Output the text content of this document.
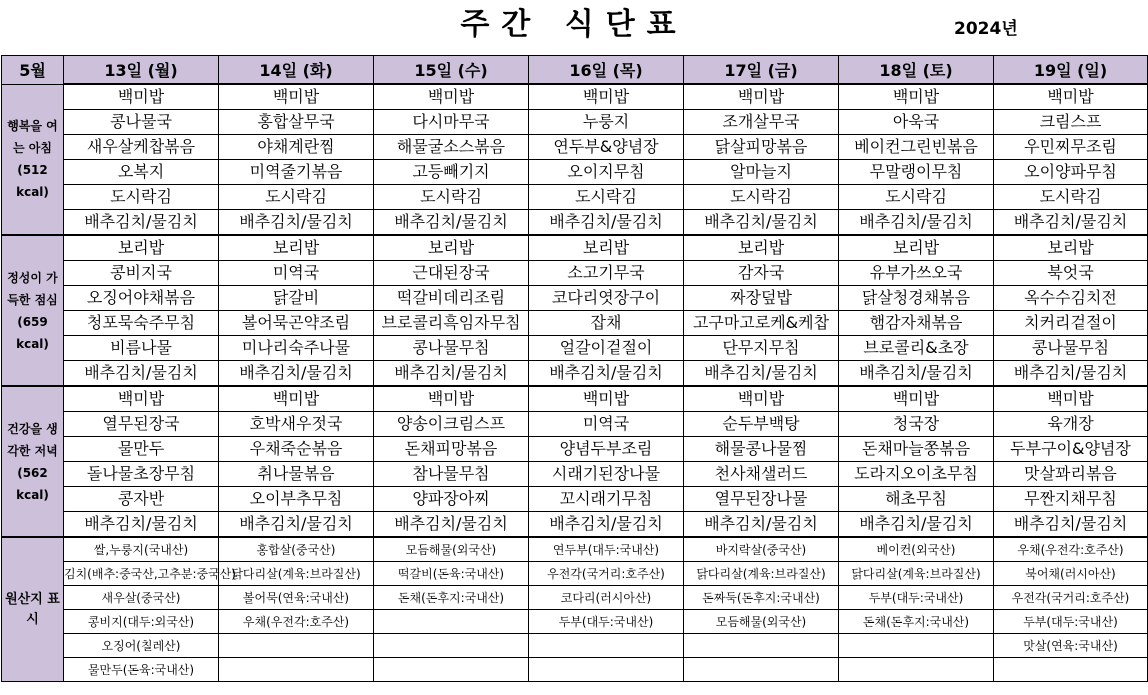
주간 식단표	2024년
5월	13일 (월)	14일 (화)	15일 (수)	16일 (목)	17일 (금)	18일 (토)	19일 (일)
행복을 여는 아침 (512 kcal)	백미밥	백미밥	백미밥	백미밥	백미밥	백미밥	백미밥
	콩나물국	홍합살무국	다시마무국	누룽지	조개살무국	아욱국	크림스프
	새우살케찹볶음	야채계란찜	해물굴소스볶음	연두부&양념장	닭살피망볶음	베이컨그린빈볶음	우민찌무조림
	오복지	미역줄기볶음	고등빼기지	오이지무침	알마늘지	무말랭이무침	오이양파무침
	도시락김	도시락김	도시락김	도시락김	도시락김	도시락김	도시락김
	배추김치/물김치	배추김치/물김치	배추김치/물김치	배추김치/물김치	배추김치/물김치	배추김치/물김치	배추김치/물김치
정성이 가득한 점심 (659 kcal)	보리밥	보리밥	보리밥	보리밥	보리밥	보리밥	보리밥
	콩비지국	미역국	근대된장국	소고기무국	감자국	유부가쓰오국	북엇국
	오징어야채볶음	닭갈비	떡갈비데리조림	코다리엿장구이	짜장덮밥	닭살청경채볶음	옥수수김치전
	청포묵숙주무침	볼어묵곤약조림	브로콜리흑임자무침	잡채	고구마고로케&케찹	햄감자채볶음	치커리겉절이
	비름나물	미나리숙주나물	콩나물무침	얼갈이겉절이	단무지무침	브로콜리&초장	콩나물무침
	배추김치/물김치	배추김치/물김치	배추김치/물김치	배추김치/물김치	배추김치/물김치	배추김치/물김치	배추김치/물김치
건강을 생각한 저녁 (562 kcal)	백미밥	백미밥	백미밥	백미밥	백미밥	백미밥	백미밥
	열무된장국	호박새우젓국	양송이크림스프	미역국	순두부백탕	청국장	육개장
	물만두	우채죽순볶음	돈채피망볶음	양념두부조림	해물콩나물찜	돈채마늘쫑볶음	두부구이&양념장
	돌나물초장무침	취나물볶음	참나물무침	시래기된장나물	천사채샐러드	도라지오이초무침	맛살꽈리볶음
	콩자반	오이부추무침	양파장아찌	꼬시래기무침	열무된장나물	해초무침	무짠지채무침
	배추김치/물김치	배추김치/물김치	배추김치/물김치	배추김치/물김치	배추김치/물김치	배추김치/물김치	배추김치/물김치
원산지 표시	쌀,누룽지(국내산)	홍합살(중국산)	모듬해물(외국산)	연두부(대두:국내산)	바지락살(중국산)	베이컨(외국산)	우채(우전각:호주산)
	김치(배추:중국산,고추분:중국산)	닭다리살(계육:브라질산)	떡갈비(돈육:국내산)	우전각(국거리:호주산)	닭다리살(계육:브라질산)	닭다리살(계육:브라질산)	북어채(러시아산)
	새우살(중국산)	볼어묵(연육:국내산)	돈채(돈후지:국내산)	코다리(러시아산)	돈짜둑(돈후지:국내산)	두부(대두:국내산)	우전각(국거리:호주산)
	콩비지(대두:외국산)	우채(우전각:호주산)		두부(대두:국내산)	모듬해물(외국산)	돈채(돈후지:국내산)	두부(대두:국내산)
	오징어(칠레산)						맛살(연육:국내산)
	물만두(돈육:국내산)						
